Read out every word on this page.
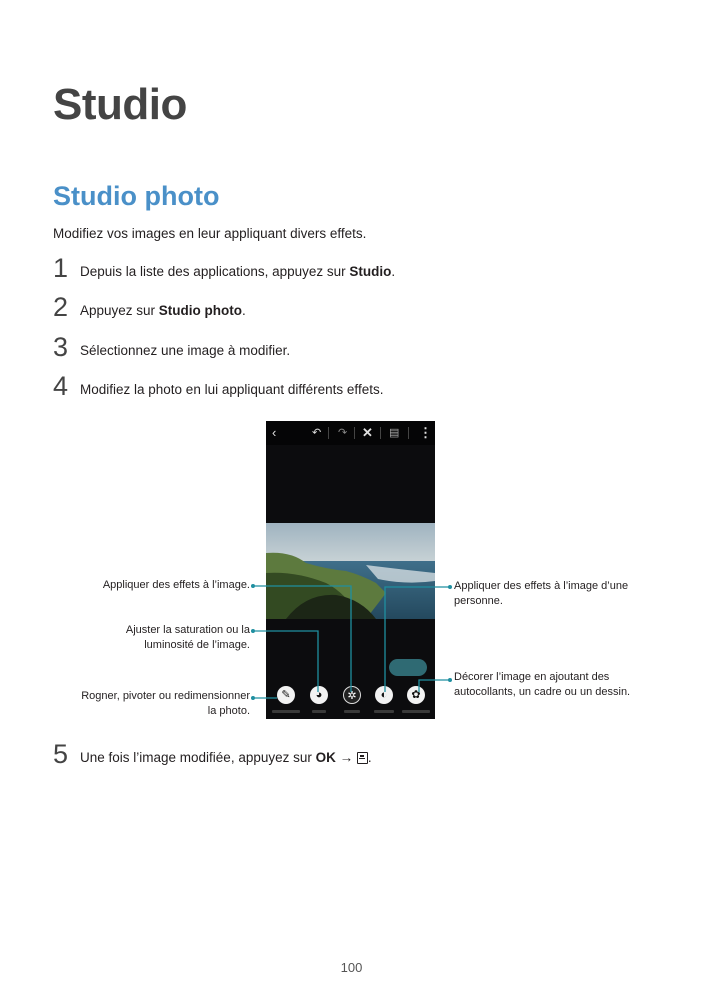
Studio
Studio photo

Modifiez vos images en leur appliquant divers effets.

1 Depuis la liste des applications, appuyez sur Studio.
2 Appuyez sur Studio photo.
3 Sélectionnez une image à modifier.
4 Modifiez la photo en lui appliquant différents effets.
‹	↶ ↷ ✕ ▤ ⋮
✎	◕	✲	◐	✿
Appliquer des effets à l’image.
Ajuster la saturation ou la
luminosité de l’image.
Rogner, pivoter ou redimensionner
la photo.
Appliquer des effets à l’image d’une
personne.
Décorer l’image en ajoutant des
autocollants, un cadre ou un dessin.
5 Une fois l’image modifiée, appuyez sur OK → .
100
